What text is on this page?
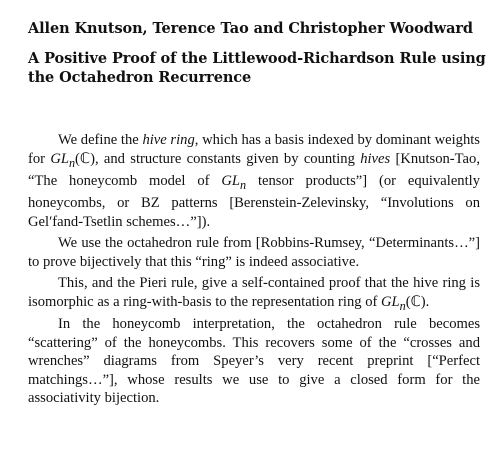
Allen Knutson, Terence Tao and Christopher Woodward
A Positive Proof of the Littlewood-Richardson Rule using the Octahedron Recurrence

We define the hive ring, which has a basis indexed by dominant weights for $GL_n(ℂ)$, and structure constants given by counting hives [Knutson-Tao, “The honeycomb model of $GL_n$ tensor products”] (or equivalently honeycombs, or BZ patterns [Berenstein-Zelevinsky, “Involutions on Gel′fand-Tsetlin schemes…”]).

We use the octahedron rule from [Robbins-Rumsey, “Determinants…”] to prove bijectively that this “ring” is indeed associative.

This, and the Pieri rule, give a self-contained proof that the hive ring is isomorphic as a ring-with-basis to the representation ring of $GL_n(ℂ)$.

In the honeycomb interpretation, the octahedron rule becomes “scattering” of the honeycombs. This recovers some of the “crosses and wrenches” diagrams from Speyer’s very recent preprint [“Perfect matchings…”], whose results we use to give a closed form for the associativity bijection.
